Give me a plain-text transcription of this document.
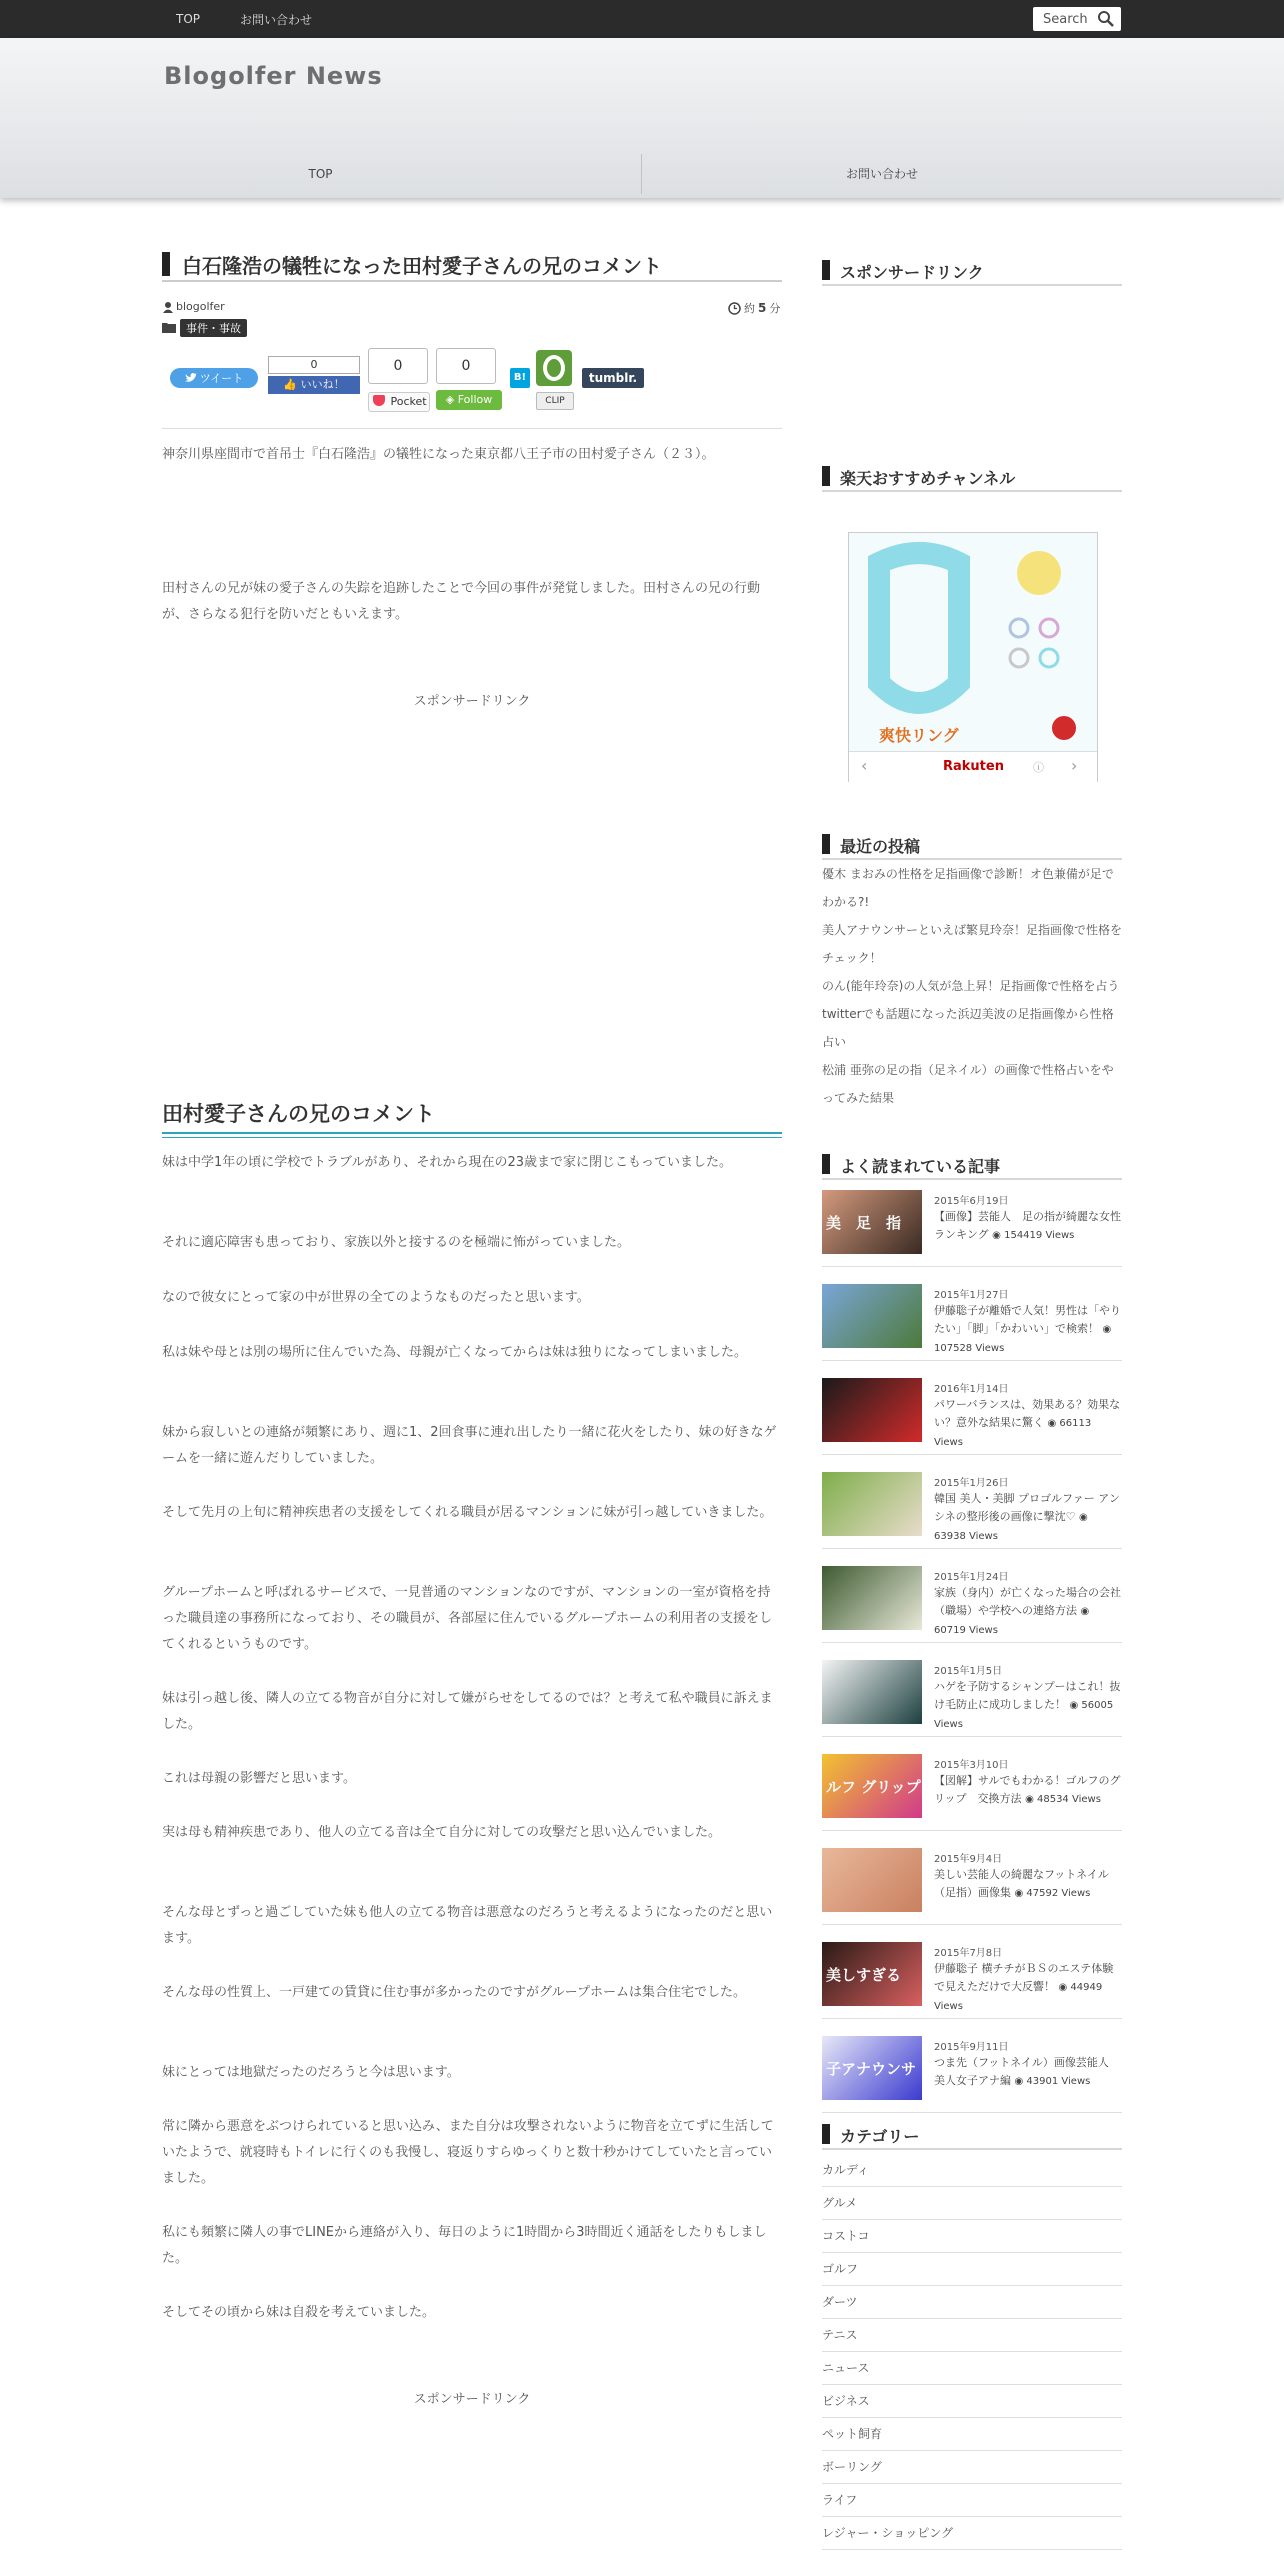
TOP	お問い合わせ	Search
Blogolfer News
TOP	お問い合わせ
白石隆浩の犠牲になった田村愛子さんの兄のコメント
blogolfer	約 5 分
事件・事故
ツイート
0
👍 いいね！
0
Pocket
0
◈ Follow
B!
CLIP
tumblr.
神奈川県座間市で首吊士『白石隆浩』の犠牲になった東京都八王子市の田村愛子さん（２３）。
田村さんの兄が妹の愛子さんの失踪を追跡したことで今回の事件が発覚しました。田村さんの兄の行動が、さらなる犯行を防いだともいえます。
スポンサードリンク
田村愛子さんの兄のコメント
妹は中学1年の頃に学校でトラブルがあり、それから現在の23歳まで家に閉じこもっていました。
それに適応障害も患っており、家族以外と接するのを極端に怖がっていました。
なので彼女にとって家の中が世界の全てのようなものだったと思います。
私は妹や母とは別の場所に住んでいた為、母親が亡くなってからは妹は独りになってしまいました。
妹から寂しいとの連絡が頻繁にあり、週に1、2回食事に連れ出したり一緒に花火をしたり、妹の好きなゲームを一緒に遊んだりしていました。
そして先月の上旬に精神疾患者の支援をしてくれる職員が居るマンションに妹が引っ越していきました。
グループホームと呼ばれるサービスで、一見普通のマンションなのですが、マンションの一室が資格を持った職員達の事務所になっており、その職員が、各部屋に住んでいるグループホームの利用者の支援をしてくれるというものです。
妹は引っ越し後、隣人の立てる物音が自分に対して嫌がらせをしてるのでは？と考えて私や職員に訴えました。
これは母親の影響だと思います。
実は母も精神疾患であり、他人の立てる音は全て自分に対しての攻撃だと思い込んでいました。
そんな母とずっと過ごしていた妹も他人の立てる物音は悪意なのだろうと考えるようになったのだと思います。
そんな母の性質上、一戸建ての賃貸に住む事が多かったのですがグループホームは集合住宅でした。
妹にとっては地獄だったのだろうと今は思います。
常に隣から悪意をぶつけられていると思い込み、また自分は攻撃されないように物音を立てずに生活していたようで、就寝時もトイレに行くのも我慢し、寝返りすらゆっくりと数十秒かけてしていたと言っていました。
私にも頻繁に隣人の事でLINEから連絡が入り、毎日のように1時間から3時間近く通話をしたりもしました。
そしてその頃から妹は自殺を考えていました。
スポンサードリンク
スポンサードリンク
楽天おすすめチャンネル
爽快リング
‹	Rakuten	ⓘ ›
最近の投稿
優木 まおみの性格を足指画像で診断！オ色兼備が足でわかる?!
美人アナウンサーといえば繁見玲奈！足指画像で性格をチェック！
のん(能年玲奈)の人気が急上昇！足指画像で性格を占う
twitterでも話題になった浜辺美波の足指画像から性格占い
松浦 亜弥の足の指（足ネイル）の画像で性格占いをやってみた結果
よく読まれている記事
美　足　指
2015年6月19日
【画像】芸能人　足の指が綺麗な女性ランキング ◉ 154419 Views
2015年1月27日
伊藤聡子が離婚で人気！男性は「やりたい」「脚」「かわいい」で検索！ ◉ 107528 Views
2016年1月14日
パワーバランスは、効果ある？効果ない？意外な結果に驚く ◉ 66113 Views
2015年1月26日
韓国 美人・美脚 プロゴルファー アンシネの整形後の画像に撃沈♡ ◉ 63938 Views
2015年1月24日
家族（身内）が亡くなった場合の会社（職場）や学校への連絡方法 ◉ 60719 Views
2015年1月5日
ハゲを予防するシャンプーはこれ！抜け毛防止に成功しました！ ◉ 56005 Views
ルフ グリップ 交換方
2015年3月10日
【図解】サルでもわかる！ゴルフのグリップ　交換方法 ◉ 48534 Views
2015年9月4日
美しい芸能人の綺麗なフットネイル（足指）画像集 ◉ 47592 Views
美しすぎる
2015年7月8日
伊藤聡子 横チチがＢＳのエステ体験で見えただけで大反響！ ◉ 44949 Views
子アナウンサ
2015年9月11日
つま先（フットネイル）画像芸能人　美人女子アナ編 ◉ 43901 Views
カテゴリー
カルディ
グルメ
コストコ
ゴルフ
ダーツ
テニス
ニュース
ビジネス
ペット飼育
ボーリング
ライフ
レジャー・ショッピング
